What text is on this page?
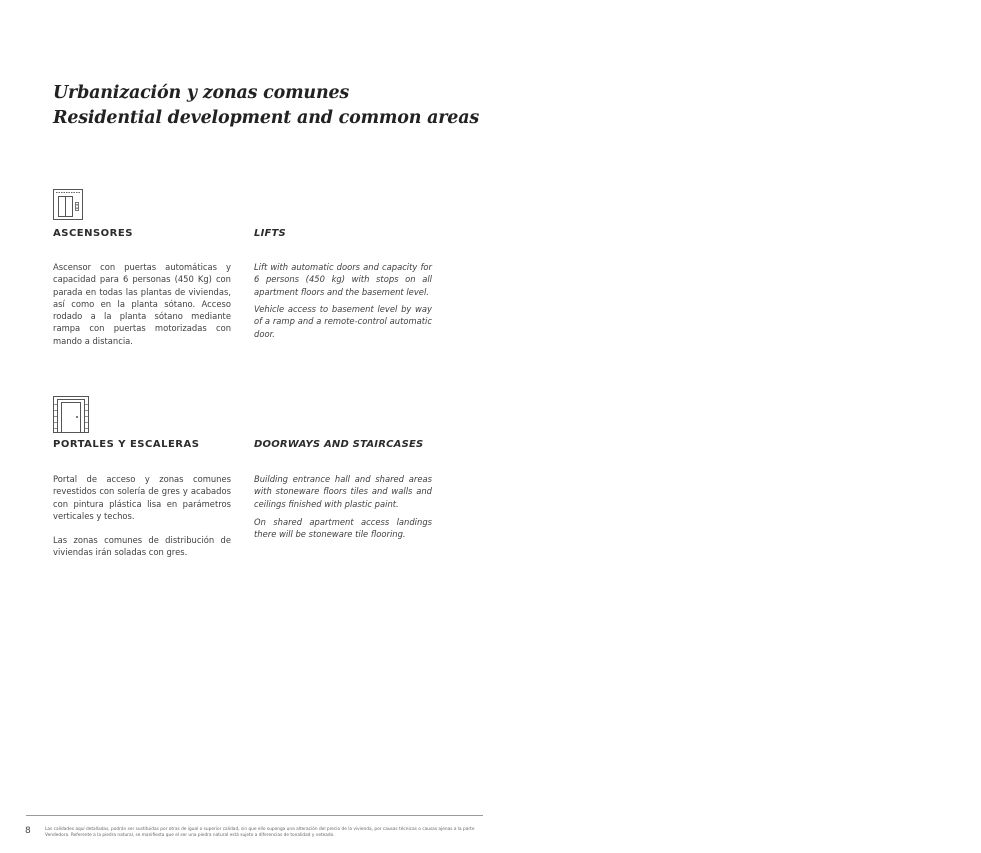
Urbanización y zonas comunes
Residential development and common areas
ASCENSORES	LIFTS

Ascensor con puertas automáticas y capacidad para 6 personas (450 Kg) con parada en todas las plantas de viviendas, así como en la planta sótano. Acceso rodado a la planta sótano mediante rampa con puertas motorizadas con mando a distancia.

Lift with automatic doors and capacity for 6 persons (450 kg) with stops on all apartment floors and the basement level.

Vehicle access to basement level by way of a ramp and a remote-control automatic door.

PORTALES Y ESCALERAS	DOORWAYS AND STAIRCASES

Portal de acceso y zonas comunes revestidos con solería de gres y acabados con pintura plástica lisa en parámetros verticales y techos.

Las zonas comunes de distribución de viviendas irán soladas con gres.

Building entrance hall and shared areas with stoneware floors tiles and walls and ceilings finished with plastic paint.

On shared apartment access landings there will be stoneware tile flooring.

8	Las calidades aquí detalladas, podrán ser sustituidas por otras de igual o superior calidad, sin que ello suponga una alteración del precio de la vivienda, por causas técnicas o causas ajenas a la parte Vendedora. Referente a la piedra natural, se manifiesta que el ser una piedra natural está sujeto a diferencias de tonalidad y veteado.
